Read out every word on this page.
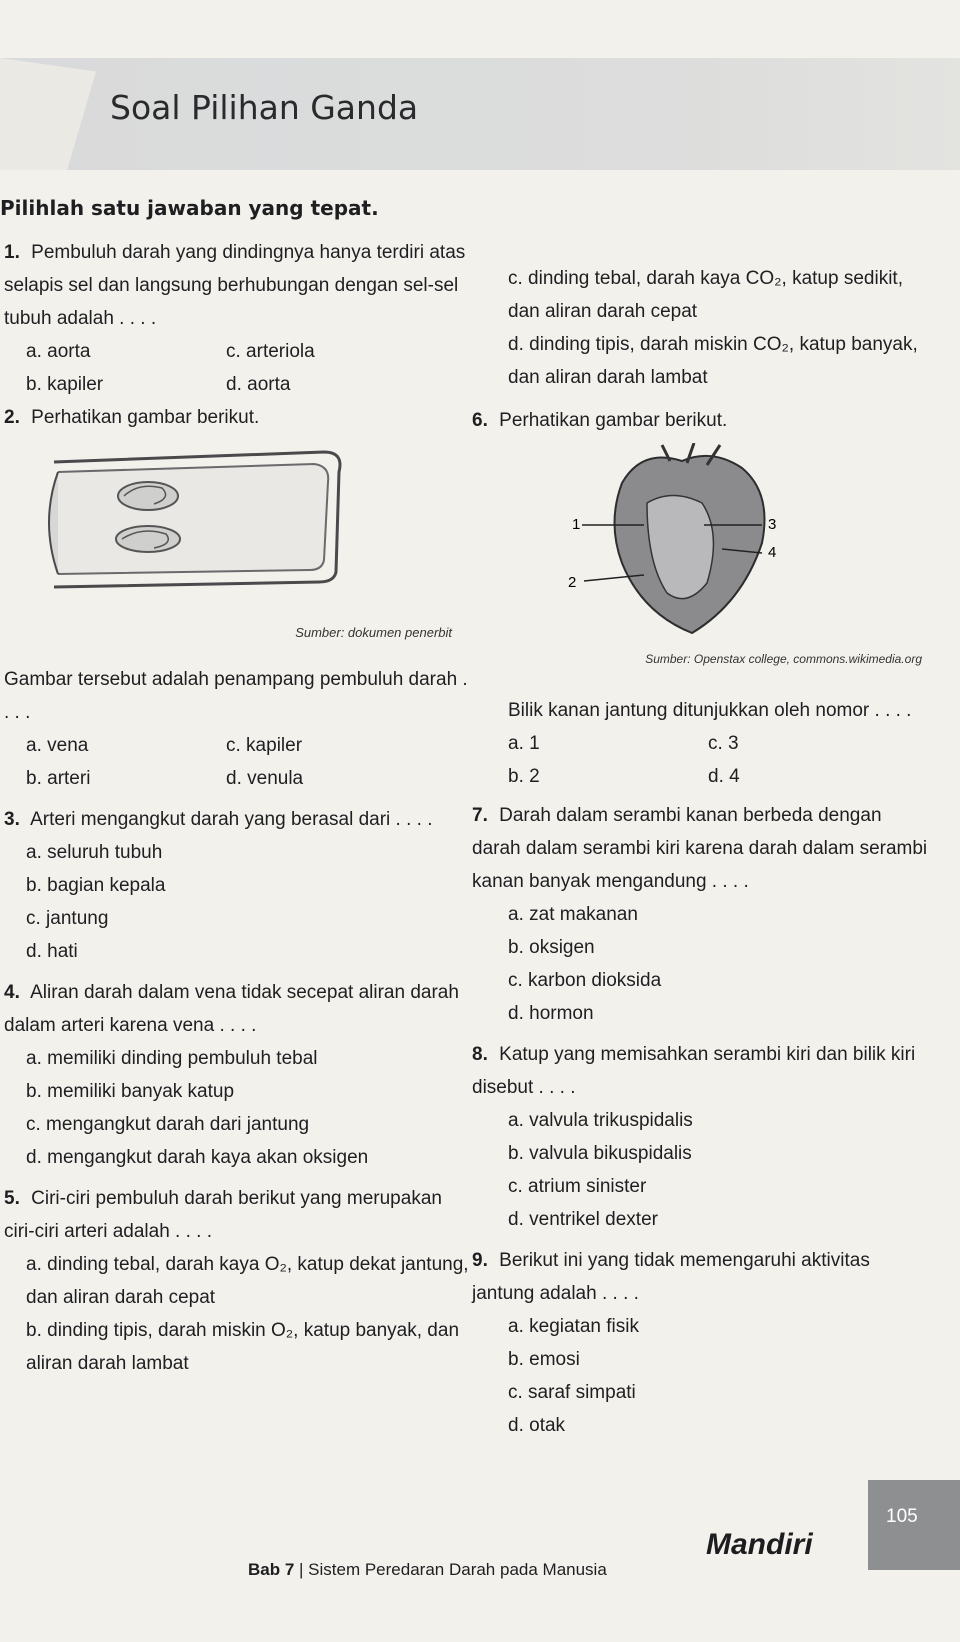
Soal Pilihan Ganda
Pilihlah satu jawaban yang tepat.
1. Pembuluh darah yang dindingnya hanya terdiri atas selapis sel dan langsung berhubungan dengan sel-sel tubuh adalah . . . .
a. aorta	c. arteriola
b. kapiler	d. aorta
2. Perhatikan gambar berikut.
Sumber: dokumen penerbit
Gambar tersebut adalah penampang pembuluh darah . . . .
a. vena	c. kapiler
b. arteri	d. venula
3. Arteri mengangkut darah yang berasal dari . . . .
a. seluruh tubuh
b. bagian kepala
c. jantung
d. hati
4. Aliran darah dalam vena tidak secepat aliran darah dalam arteri karena vena . . . .
a. memiliki dinding pembuluh tebal
b. memiliki banyak katup
c. mengangkut darah dari jantung
d. mengangkut darah kaya akan oksigen
5. Ciri-ciri pembuluh darah berikut yang merupakan ciri-ciri arteri adalah . . . .
a. dinding tebal, darah kaya O₂, katup dekat jantung, dan aliran darah cepat
b. dinding tipis, darah miskin O₂, katup banyak, dan aliran darah lambat
c. dinding tebal, darah kaya CO₂, katup sedikit, dan aliran darah cepat
d. dinding tipis, darah miskin CO₂, katup banyak, dan aliran darah lambat
6. Perhatikan gambar berikut.
1
2
3
4
Sumber: Openstax college, commons.wikimedia.org
Bilik kanan jantung ditunjukkan oleh nomor . . . .
a. 1	c. 3
b. 2	d. 4
7. Darah dalam serambi kanan berbeda dengan darah dalam serambi kiri karena darah dalam serambi kanan banyak mengandung . . . .
a. zat makanan
b. oksigen
c. karbon dioksida
d. hormon
8. Katup yang memisahkan serambi kiri dan bilik kiri disebut . . . .
a. valvula trikuspidalis
b. valvula bikuspidalis
c. atrium sinister
d. ventrikel dexter
9. Berikut ini yang tidak memengaruhi aktivitas jantung adalah . . . .
a. kegiatan fisik
b. emosi
c. saraf simpati
d. otak
Bab 7 | Sistem Peredaran Darah pada Manusia
Mandiri
105
